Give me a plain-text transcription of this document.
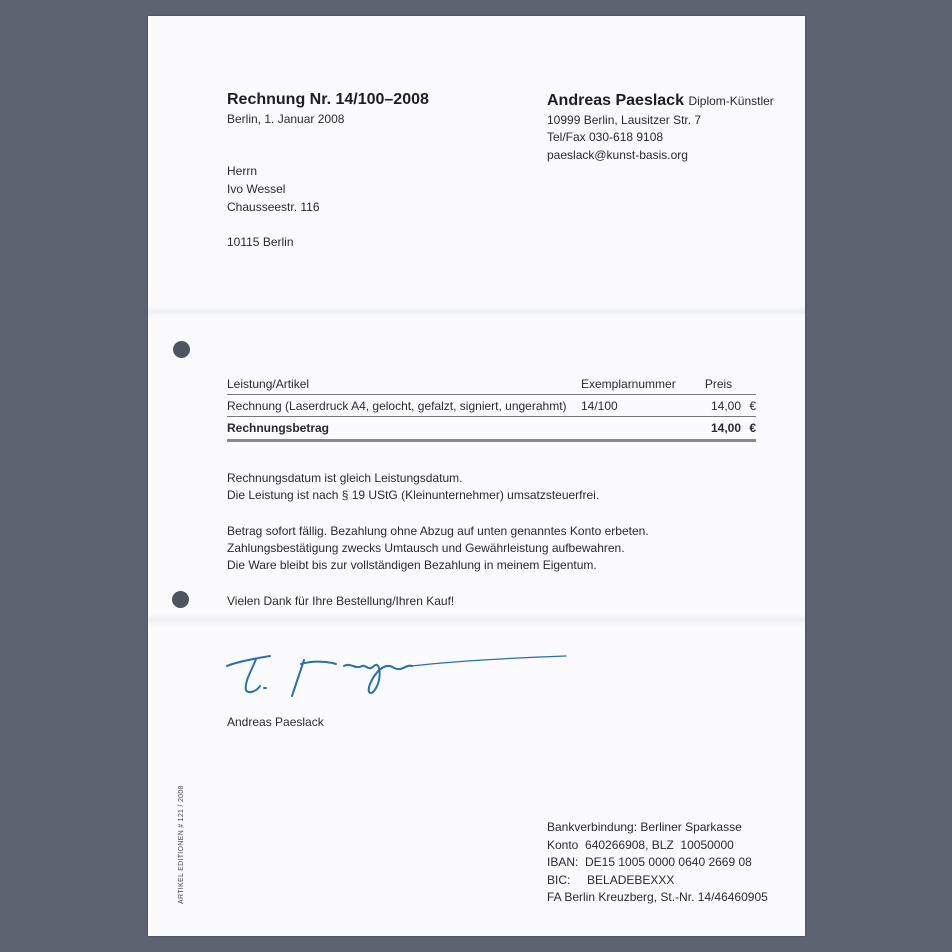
Rechnung Nr. 14/100–2008
Berlin, 1. Januar 2008
Andreas Paeslack Diplom-Künstler
10999 Berlin, Lausitzer Str. 7
Tel/Fax 030-618 9108
paeslack@kunst-basis.org
Herrn
Ivo Wessel
Chausseestr. 116
10115 Berlin
Leistung/Artikel	Exemplarnummer	Preis	
Rechnung (Laserdruck A4, gelocht, gefalzt, signiert, ungerahmt)	14/100	14,00	€
Rechnungsbetrag		14,00	€
Rechnungsdatum ist gleich Leistungsdatum.
Die Leistung ist nach § 19 UStG (Kleinunternehmer) umsatzsteuerfrei.
Betrag sofort fällig. Bezahlung ohne Abzug auf unten genanntes Konto erbeten.
Zahlungsbestätigung zwecks Umtausch und Gewährleistung aufbewahren.
Die Ware bleibt bis zur vollständigen Bezahlung in meinem Eigentum.
Vielen Dank für Ihre Bestellung/Ihren Kauf!
Andreas Paeslack
ARTIKEL EDITIONEN # 121 / 2008	Bankverbindung: Berliner Sparkasse
Konto  640266908, BLZ  10050000
IBAN:  DE15 1005 0000 0640 2669 08
BIC:     BELADEBEXXX
FA Berlin Kreuzberg, St.-Nr. 14/46460905
